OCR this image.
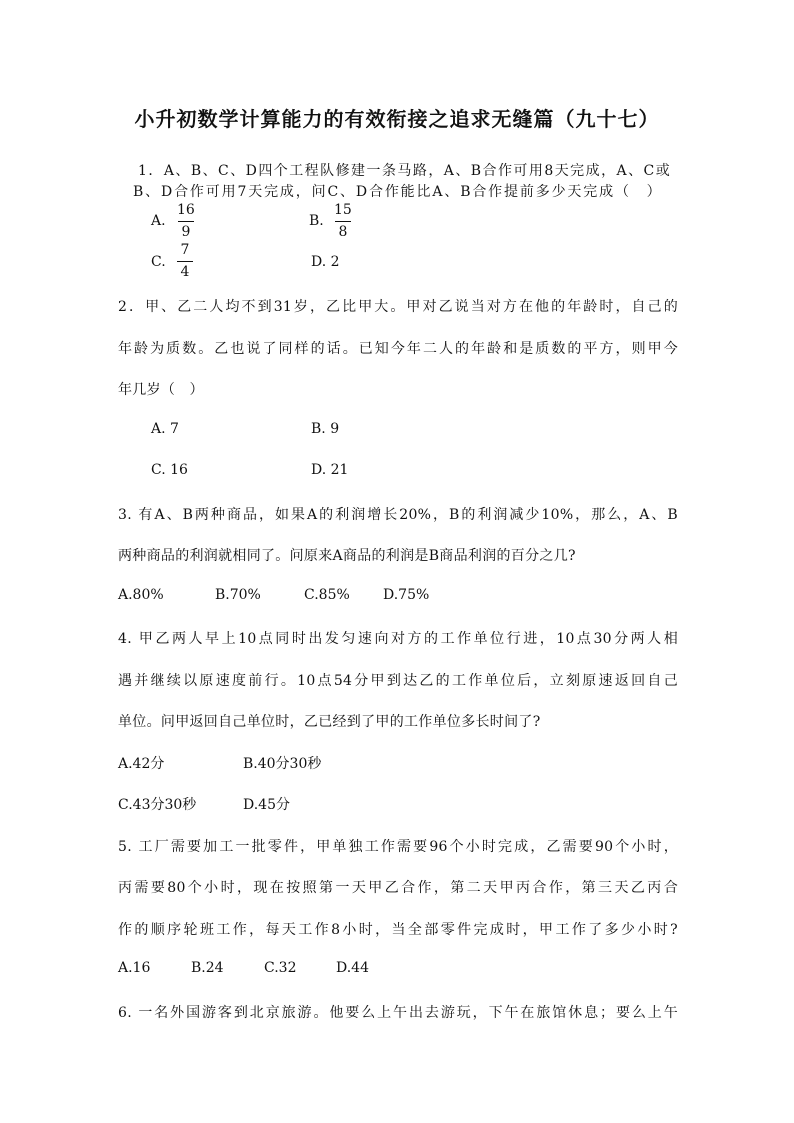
小升初数学计算能力的有效衔接之追求无缝篇（九十七）
1．A、B、C、D四个工程队修建一条马路，A、B合作可用8天完成，A、C或
B、D合作可用7天完成，问C、D合作能比A、B合作提前多少天完成（　）
A.
16
9
B.
15
8
C.
7
4
D. 2
2．甲、乙二人均不到31岁，乙比甲大。甲对乙说当对方在他的年龄时，自己的
年龄为质数。乙也说了同样的话。已知今年二人的年龄和是质数的平方，则甲今
年几岁（　）
A. 7	B. 9
C. 16	D. 21
3. 有A、B两种商品，如果A的利润增长20%，B的利润减少10%，那么，A、B
两种商品的利润就相同了。问原来A商品的利润是B商品利润的百分之几?
A.80%	B.70%	C.85% D.75%
4. 甲乙两人早上10点同时出发匀速向对方的工作单位行进，10点30分两人相
遇并继续以原速度前行。10点54分甲到达乙的工作单位后，立刻原速返回自己
单位。问甲返回自己单位时，乙已经到了甲的工作单位多长时间了?
A.42分	B.40分30秒
C.43分30秒	D.45分
5. 工厂需要加工一批零件，甲单独工作需要96个小时完成，乙需要90个小时，
丙需要80个小时，现在按照第一天甲乙合作，第二天甲丙合作，第三天乙丙合
作的顺序轮班工作，每天工作8小时，当全部零件完成时，甲工作了多少小时?
A.16	B.24	C.32	D.44
6. 一名外国游客到北京旅游。他要么上午出去游玩，下午在旅馆休息；要么上午
